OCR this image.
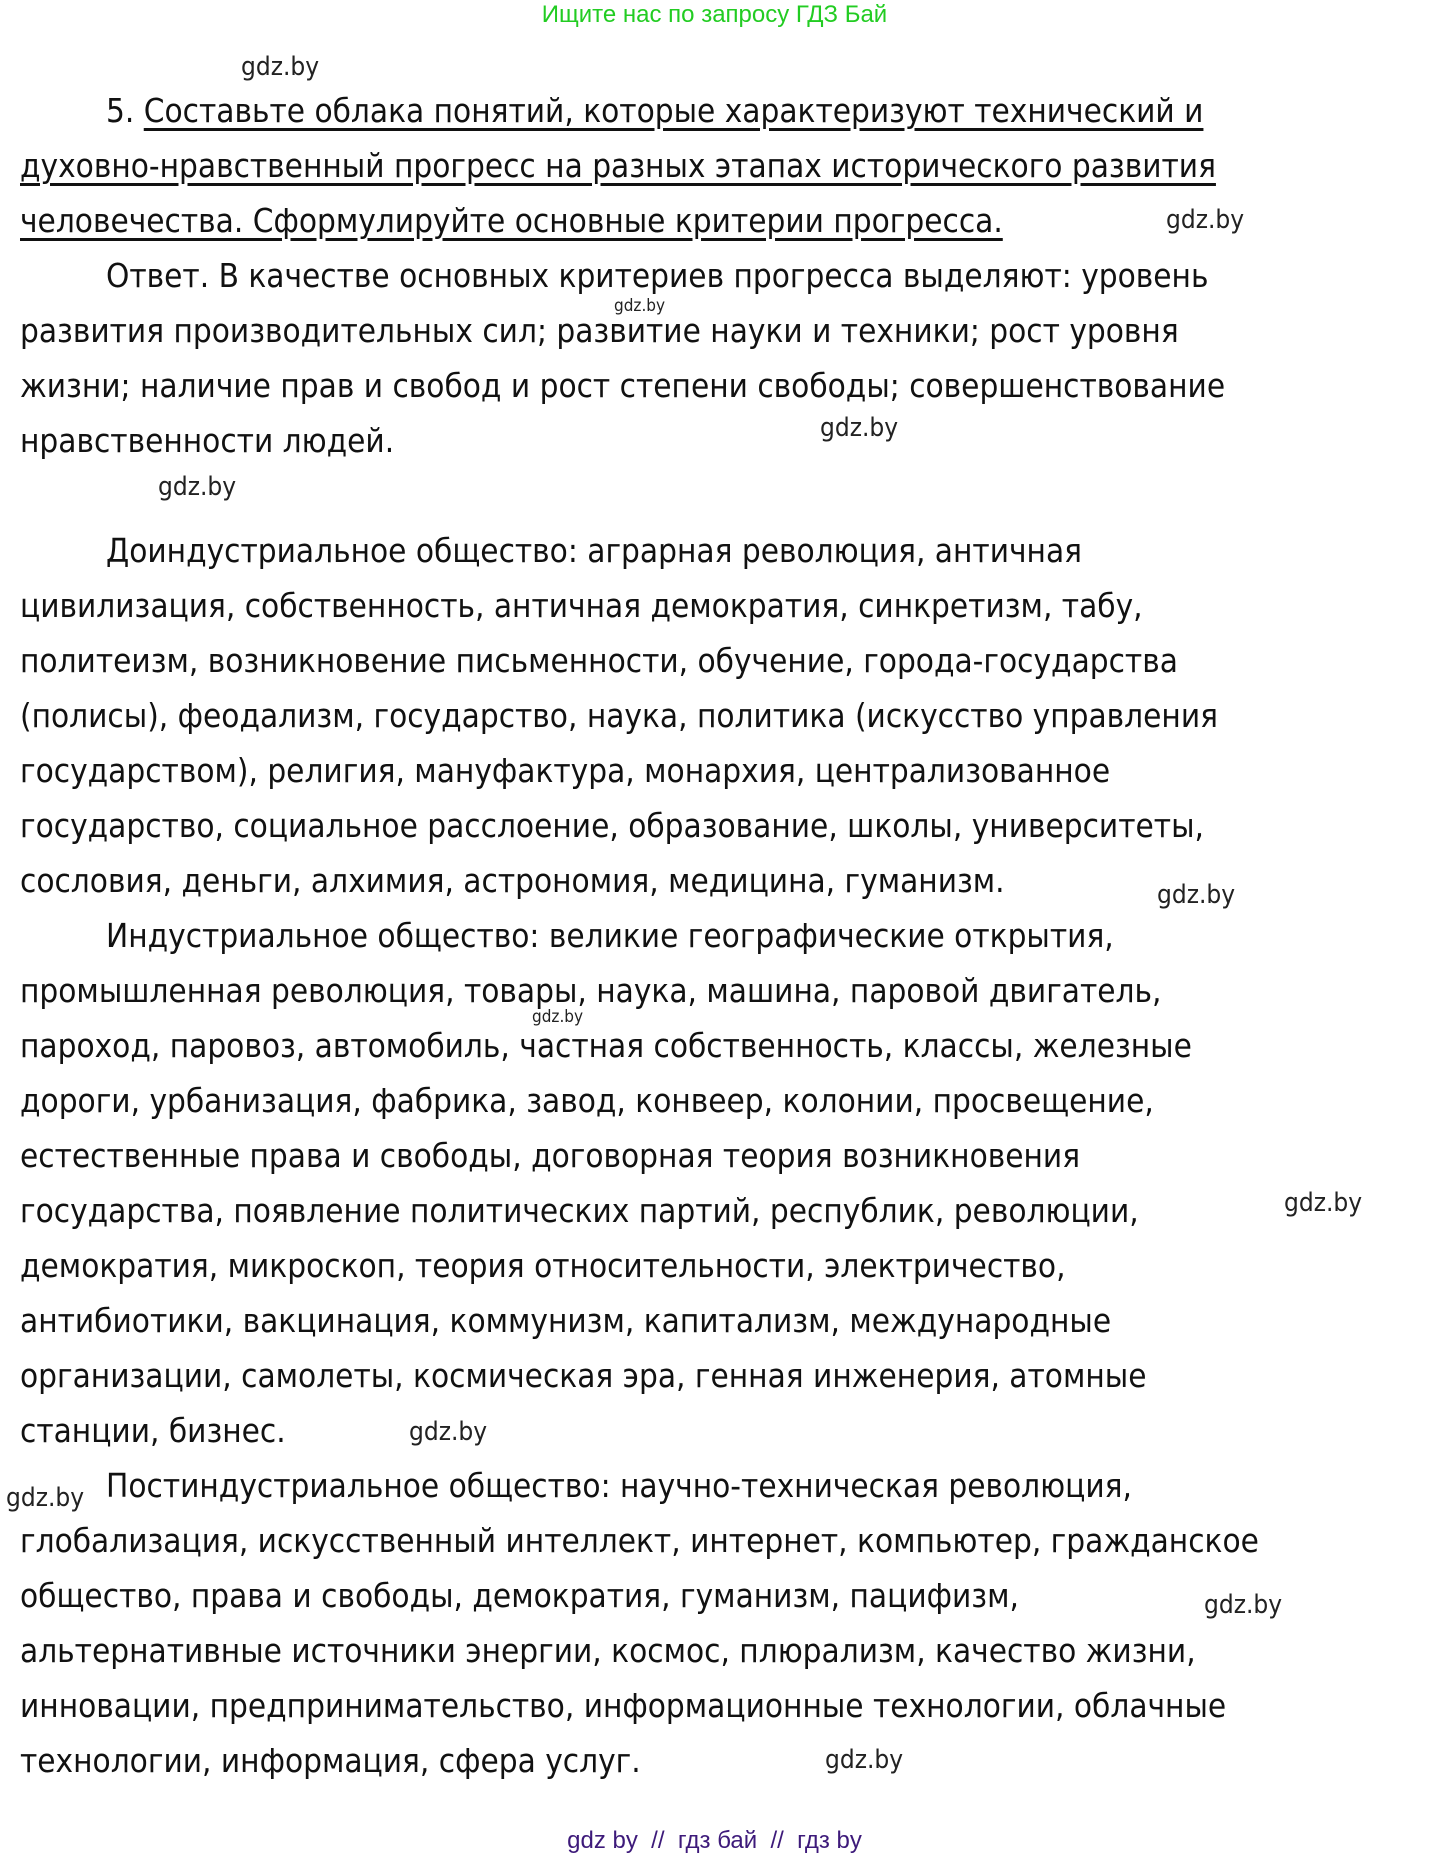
Ищите нас по запросу ГДЗ Бай
gdz.by
gdz.by
gdz.by
gdz.by
gdz.by
gdz.by
gdz.by
gdz.by
gdz.by
gdz.by
gdz.by
gdz.by
5. Составьте облака понятий, которые характеризуют технический и
духовно-нравственный прогресс на разных этапах исторического развития
человечества. Сформулируйте основные критерии прогресса.
Ответ. В качестве основных критериев прогресса выделяют: уровень
развития производительных сил; развитие науки и техники; рост уровня
жизни; наличие прав и свобод и рост степени свободы; совершенствование
нравственности людей.
Доиндустриальное общество: аграрная революция, античная
цивилизация, собственность, античная демократия, синкретизм, табу,
политеизм, возникновение письменности, обучение, города-государства
(полисы), феодализм, государство, наука, политика (искусство управления
государством), религия, мануфактура, монархия, централизованное
государство, социальное расслоение, образование, школы, университеты,
сословия, деньги, алхимия, астрономия, медицина, гуманизм.
Индустриальное общество: великие географические открытия,
промышленная революция, товары, наука, машина, паровой двигатель,
пароход, паровоз, автомобиль, частная собственность, классы, железные
дороги, урбанизация, фабрика, завод, конвеер, колонии, просвещение,
естественные права и свободы, договорная теория возникновения
государства, появление политических партий, республик, революции,
демократия, микроскоп, теория относительности, электричество,
антибиотики, вакцинация, коммунизм, капитализм, международные
организации, самолеты, космическая эра, генная инженерия, атомные
станции, бизнес.
Постиндустриальное общество: научно-техническая революция,
глобализация, искусственный интеллект, интернет, компьютер, гражданское
общество, права и свободы, демократия, гуманизм, пацифизм,
альтернативные источники энергии, космос, плюрализм, качество жизни,
инновации, предпринимательство, информационные технологии, облачные
технологии, информация, сфера услуг.
gdz by  //  гдз бай  //  гдз by
